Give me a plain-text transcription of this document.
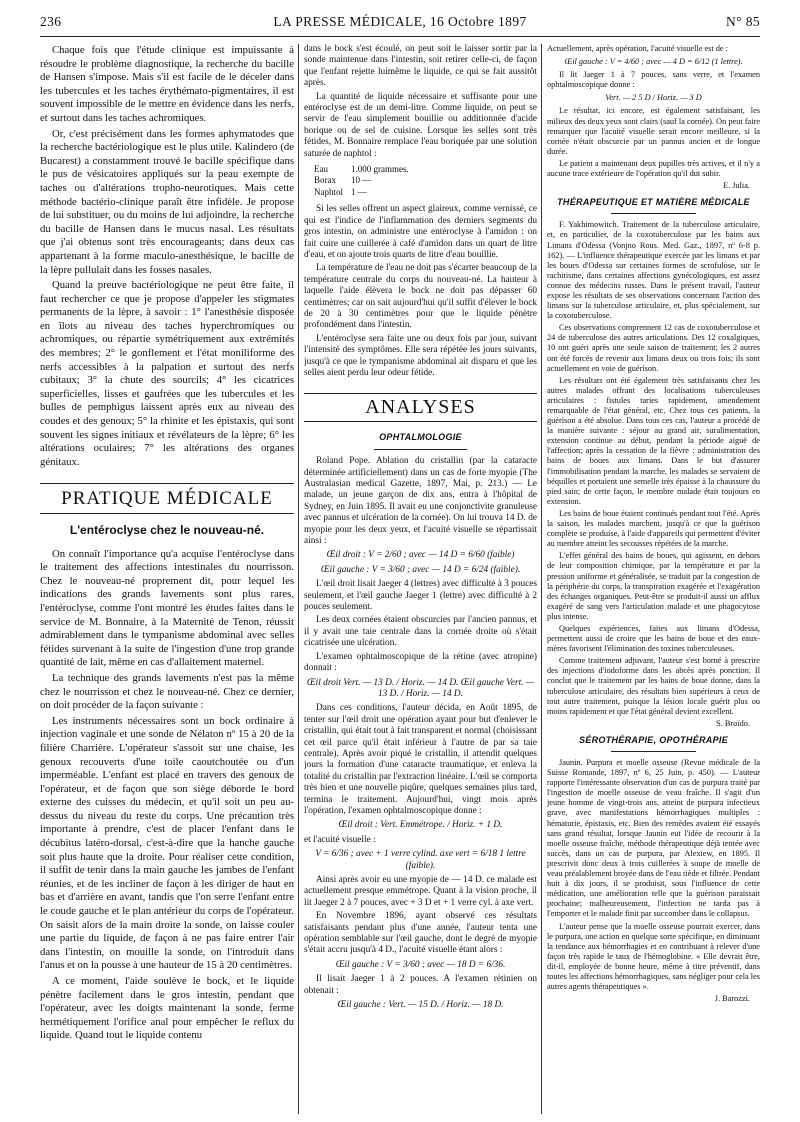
236	LA PRESSE MÉDICALE, 16 Octobre 1897	N° 85

Chaque fois que l'étude clinique est impuissante à résoudre le problème diagnostique, la recherche du bacille de Hansen s'impose. Mais s'il est facile de le déceler dans les tubercules et les taches érythémato-pigmentaires, il est souvent impossible de le mettre en évidence dans les nerfs, et surtout dans les taches achromiques.

Or, c'est précisément dans les formes aphymatodes que la recherche bactériologique est le plus utile. Kalindero (de Bucarest) a constamment trouvé le bacille spécifique dans le pus de vésicatoires appliqués sur la peau exempte de taches ou d'altérations tropho-neurotiques. Mais cette méthode bactério-clinique paraît être infidèle. Je propose de lui substituer, ou du moins de lui adjoindre, la recherche du bacille de Hansen dans le mucus nasal. Les résultats que j'ai obtenus sont très encourageants; dans deux cas appartenant à la forme maculo-anesthésique, le bacille de la lèpre pullulait dans les fosses nasales.

Quand la preuve bactériologique ne peut être faite, il faut rechercher ce que je propose d'appeler les stigmates permanents de la lèpre, à savoir : 1° l'anesthésie disposée en îlots au niveau des taches hyperchromiques ou achromiques, ou répartie symétriquement aux extrémités des membres; 2° le gonflement et l'état moniliforme des nerfs accessibles à la palpation et surtout des nerfs cubitaux; 3° la chute des sourcils; 4° les cicatrices superficielles, lisses et gaufrées que les tubercules et les bulles de pemphigus laissent après eux au niveau des coudes et des genoux; 5° la rhinite et les épistaxis, qui sont souvent les signes initiaux et révélateurs de la lèpre; 6° les altérations oculaires; 7° les altérations des organes génitaux.

PRATIQUE MÉDICALE
L'entéroclyse chez le nouveau-né.

On connaît l'importance qu'a acquise l'entéroclyse dans le traitement des affections intestinales du nourrisson. Chez le nouveau-né proprement dit, pour lequel les indications des grands lavements sont plus rares, l'entéroclyse, comme l'ont montré les études faites dans le service de M. Bonnaire, à la Maternité de Tenon, réussit admirablement dans le tympanisme abdominal avec selles fétides survenant à la suite de l'ingestion d'une trop grande quantité de lait, même en cas d'allaitement maternel.

La technique des grands lavements n'est pas la même chez le nourrisson et chez le nouveau-né. Chez ce dernier, on doit procéder de la façon suivante :

Les instruments nécessaires sont un bock ordinaire à injection vaginale et une sonde de Nélaton nº 15 à 20 de la filière Charrière. L'opérateur s'assoit sur une chaise, les genoux recouverts d'une toile caoutchoutée ou d'un imperméable. L'enfant est placé en travers des genoux de l'opérateur, et de façon que son siège déborde le bord externe des cuisses du médecin, et qu'il soit un peu au-dessus du niveau du reste du corps. Une précaution très importante à prendre, c'est de placer l'enfant dans le décubitus latéro-dorsal, c'est-à-dire que la hanche gauche soit plus haute que la droite. Pour réaliser cette condition, il suffit de tenir dans la main gauche les jambes de l'enfant réunies, et de les incliner de façon à les diriger de haut en bas et d'arrière en avant, tandis que l'on serre l'enfant entre le coude gauche et le plan antérieur du corps de l'opérateur. On saisit alors de la main droite la sonde, on laisse couler une partie du liquide, de façon à ne pas faire entrer l'air dans l'intestin, on mouille la sonde, on l'introduit dans l'anus et on la pousse à une hauteur de 15 à 20 centimètres.

A ce moment, l'aide soulève le bock, et le liquide pénètre facilement dans le gros intestin, pendant que l'opérateur, avec les doigts maintenant la sonde, ferme hermétiquement l'orifice anal pour empêcher le reflux du liquide. Quand tout le liquide contenu

dans le bock s'est écoulé, on peut soit le laisser sortir par la sonde maintenue dans l'intestin, soit retirer celle-ci, de façon que l'enfant rejette luimême le liquide, ce qui se fait aussitôt après.

La quantité de liquide nécessaire et suffisante pour une entéroclyse est de un demi-litre. Comme liquide, on peut se servir de l'eau simplement bouillie ou additionnée d'acide borique ou de sel de cuisine. Lorsque les selles sont très fétides, M. Bonnaire remplace l'eau boriquée par une solution saturée de naphtol :

Eau	1.000 grammes.
Borax	10 —
Naphtol	1 —

Si les selles offrent un aspect glaireux, comme vernissé, ce qui est l'indice de l'inflammation des derniers segments du gros intestin, on administre une entéroclyse à l'amidon : on fait cuire une cuillerée à café d'amidon dans un quart de litre d'eau, et on ajoute trois quarts de litre d'eau bouillie.

La température de l'eau ne doit pas s'écarter beaucoup de la température centrale du corps du nouveau-né. La hauteur à laquelle l'aide élèvera le bock ne doit pas dépasser 60 centimètres; car on sait aujourd'hui qu'il suffit d'élever le bock de 20 à 30 centimètres pour que le liquide pénètre profondément dans l'intestin.

L'entéroclyse sera faite une ou deux fois par jour, suivant l'intensité des symptômes. Elle sera répétée les jours suivants, jusqu'à ce que le tympanisme abdominal ait disparu et que les selles aient perdu leur odeur fétide.

ANALYSES
OPHTALMOLOGIE

Roland Pope. Ablation du cristallin (par la cataracte déterminée artificiellement) dans un cas de forte myopie (The Australasian medical Gazette, 1897, Mai, p. 213.) — Le malade, un jeune garçon de dix ans, entra à l'hôpital de Sydney, en Juin 1895. Il avait eu une conjonctivite granuleuse avec pannus et ulcération de la cornée). On lui trouva 14 D. de myopie pour les deux yeux, et l'acuité visuelle se répartissait ainsi :

Œil droit : V = 2/60 ; avec — 14 D = 6/60 (faible)
Œil gauche : V = 3/60 ; avec — 14 D = 6/24 (faible).

L'œil droit lisait Jaeger 4 (lettres) avec difficulté à 3 pouces seulement, et l'œil gauche Jaeger 1 (lettre) avec difficulté à 2 pouces seulement.

Les deux cornées étaient obscurcies par l'ancien pannus, et il y avait une taie centrale dans la cornée droite où s'était cicatrisée une ulcération.

L'examen ophtalmoscopique de la rétine (avec atropine) donnait :

Œil droit Vert. — 13 D. / Horiz. — 14 D. Œil gauche Vert. — 13 D. / Horiz. — 14 D.

Dans ces conditions, l'auteur décida, en Août 1895, de tenter sur l'œil droit une opération ayant pour but d'enlever le cristallin, qui était tout à fait transparent et normal (choisissant cet œil parce qu'il était inférieur à l'autre de par sa taie centrale). Après avoir piqué le cristallin, il attendit quelques jours la formation d'une cataracte traumatique, et enleva la totalité du cristallin par l'extraction linéaire. L'œil se comporta très bien et une nouvelle piqûre, quelques semaines plus tard, termina le traitement. Aujourd'hui, vingt mois après l'opération, l'examen ophtalmoscopique donne :

Œil droit : Vert. Emmétrope. / Horiz. + 1 D.

et l'acuité visuelle :

V = 6/36 ; avec + 1 verre cylind. axe vert = 6/18 1 lettre (faible).

Ainsi après avoir eu une myopie de — 14 D. ce malade est actuellement presque emmétrope. Quant à la vision proche, il lit Jaeger 2 à 7 pouces, avec + 3 D et + 1 verre cyl. à axe vert.

En Novembre 1896, ayant observé ces résultats satisfaisants pendant plus d'une année, l'auteur tenta une opération semblable sur l'œil gauche, dont le degré de myopie s'était accru jusqu'à 4 D., l'acuité visuelle étant alors :

Œil gauche : V = 3/60 ; avec — 18 D = 6/36.

Il lisait Jaeger 1 à 2 pouces. A l'examen rétinien on obtenait :

Œil gauche : Vert. — 15 D. / Horiz. — 18 D.

Actuellement, après opération, l'acuité visuelle est de :

Œil gauche : V = 4/60 ; avec — 4 D = 6/12 (1 lettre).

Il lit Jaeger 1 à 7 pouces, sans verre, et l'examen ophtalmoscopique donne :

Vert. — 2 5 D / Horiz. — 3 D

Le résultat, ici encore, est également satisfaisant, les milieux des deux yeux sont clairs (sauf la cornée). On peut faire remarquer que l'acuité visuelle serait encore meilleure, si la cornée n'était obscurcie par un pannus ancien et de longue durée.

Le patient a maintenant deux pupilles très actives, et il n'y a aucune trace extérieure de l'opération qu'il dut subir.

E. Julia.
THÉRAPEUTIQUE ET MATIÈRE MÉDICALE

F. Yakhimowitch. Traitement de la tuberculose articulaire, et, en particulier, de la coxotuberculose par les bains aux Limans d'Odessa (Vonjno Rous. Med. Gaz., 1897, nº 6-8 p. 162). — L'influence thérapeutique exercée par les limans et par les boues d'Odessa sur certaines formes de scrofulose, sur le rachitisme, dans certaines affections gynécologiques, est assez connue des médecins russes. Dans le présent travail, l'auteur expose les résultats de ses observations concernant l'action des limans sur la tuberculose articulaire, et, plus spécialement, sur la coxotuberculose.

Ces observations comprennent 12 cas de coxotuberculose et 24 de tuberculose des autres articulations. Des 12 coxalgiques, 10 ont guéri après une seule saison de traitement; les 2 autres ont été forcés de revenir aux limans deux ou trois fois; ils sont actuellement en voie de guérison.

Les résultats ont été également très satisfaisants chez les autres malades offrant des localisations tuberculeuses articulaires : fistules taries rapidement, amendement remarquable de l'état général, etc. Chez tous ces patients, la guérison a été absolue. Dans tous ces cas, l'auteur a procédé de la manière suivante : séjour au grand air, suralimentation, extension continue au début, pendant la période aiguë de l'affection; après la cessation de la fièvre : administration des bains de boues aux limans. Dans le but d'assurer l'immobilisation pendant la marche, les malades se servaient de béquilles et portaient une semelle très épaisse à la chaussure du pied sain; de cette façon, le membre malade était toujours en extension.

Les bains de boue étaient continués pendant tout l'été. Après la saison, les malades marchent, jusqu'à ce que la guérison complète se produise, à l'aide d'appareils qui permettent d'éviter au membre atteint les secousses répétées de la marche.

L'effet général des bains de boues, qui agissent, en dehors de leur composition chimique, par la température et par la pression uniforme et généralisée, se traduit par la congestion de la périphérie du corps, la transpiration exagérée et l'exagération des échanges organiques. Peut-être se produit-il aussi un afflux exagéré de sang vers l'articulation malade et une phagocytose plus intense.

Quelques expériences, faites aux limans d'Odessa, permettent aussi de croire que les bains de boue et des eaux-mères favorisent l'élimination des toxines tuberculeuses.

Comme traitement adjuvant, l'auteur s'est borné à prescrire des injections d'iodoforme dans les abcès après ponction. Il conclut que le traitement par les bains de boue donne, dans la tuberculose articulaire, des résultats bien supérieurs à ceux de tout autre traitement, puisque la lésion locale guérit plus ou moins rapidement et que l'état général devient excellent.

S. Broïdo.
SÉROTHÉRAPIE, OPOTHÉRAPIE

Jaunin. Purpura et moelle osseuse (Revue médicale de la Suisse Romande, 1897, nº 6, 25 Juin, p. 450). — L'auteur rapporte l'intéressante observation d'un cas de purpura traité par l'ingestion de moelle osseuse de veau fraîche. Il s'agit d'un jeune homme de vingt-trois ans, atteint de purpura infectieux grave, avec manifestations hémorrhagiques multiples : hématurie, épistaxis, etc. Bien des remèdes avaient été essayés sans grand résultat, lorsque Jaunin eut l'idée de recourir à la moelle osseuse fraîche, méthode thérapeutique déjà tentée avec succès, dans un cas de purpura, par Alexiew, en 1895. Il prescrivit donc deux à trois cuillerées à soupe de moelle de veau préalablement broyée dans de l'eau tiède et filtrée. Pendant huit à dix jours, il se produisit, sous l'influence de cette médication, une amélioration telle que la guérison paraissait prochaine; malheureusement, l'infection ne tarda pas à l'emporter et le malade finit par succomber dans le collapsus.

L'auteur pense que la moelle osseuse pourrait exercer, dans le purpura, une action en quelque sorte spécifique, en diminuant la tendance aux hémorrhagies et en contribuant à relever d'une façon très rapide le taux de l'hémoglobine. « Elle devrait être, dit-il, employée de bonne heure, même à titre préventif, dans toutes les affections hémorrhagiques, sans négliger pour cela les autres agents thérapeutiques ».

J. Barozzi.
